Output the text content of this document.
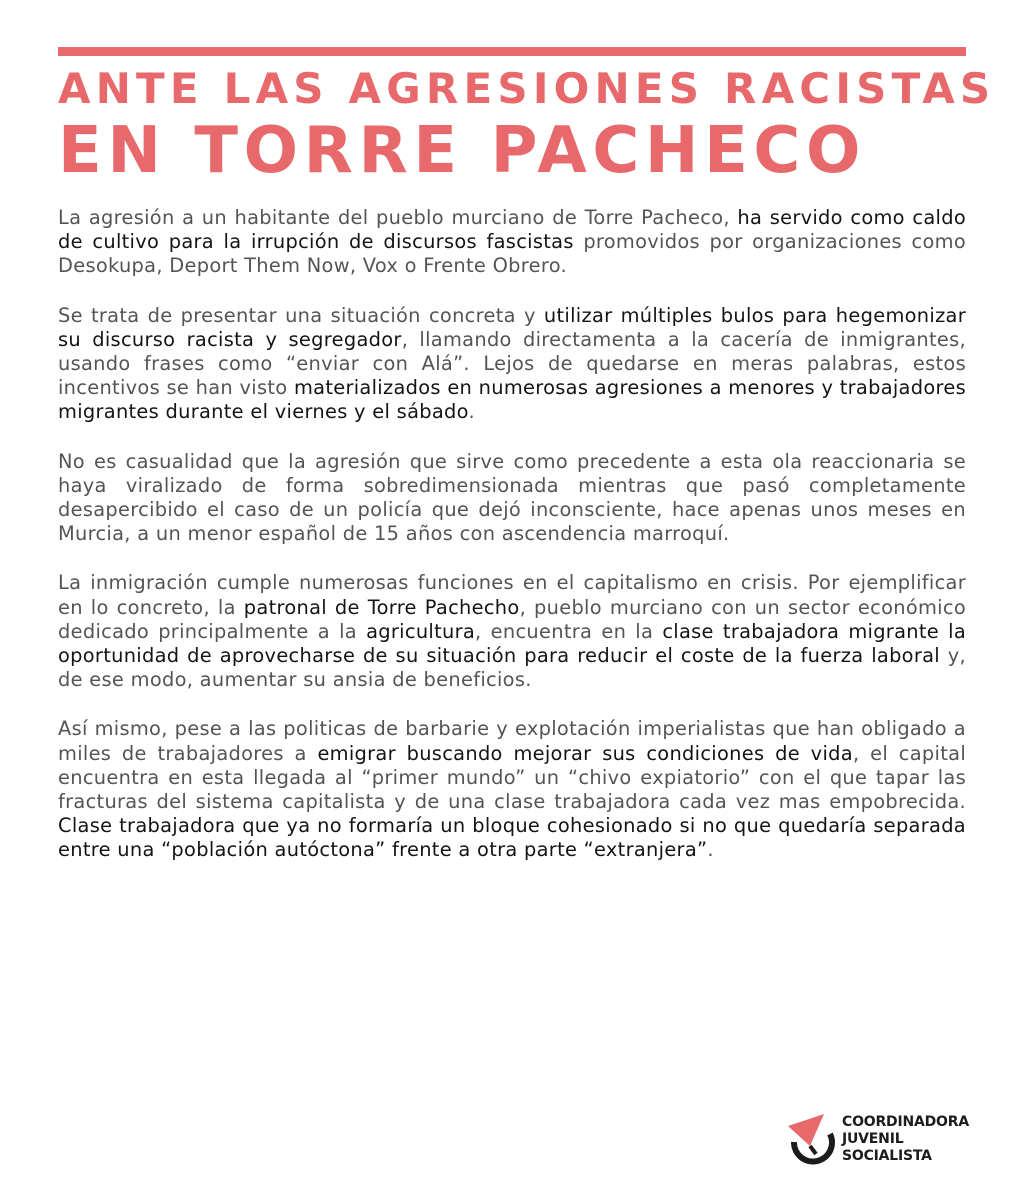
ANTE LAS AGRESIONES RACISTAS
EN TORRE PACHECO

La agresión a un habitante del pueblo murciano de Torre Pacheco, ha servido como caldo de cultivo para la irrupción de discursos fascistas promovidos por organizaciones como Desokupa, Deport Them Now, Vox o Frente Obrero.

Se trata de presentar una situación concreta y utilizar múltiples bulos para hegemonizar su discurso racista y segregador, llamando directamenta a la cacería de inmigrantes, usando frases como “enviar con Alá”. Lejos de quedarse en meras palabras, estos incentivos se han visto materializados en numerosas agresiones a menores y trabajadores migrantes durante el viernes y el sábado.

No es casualidad que la agresión que sirve como precedente a esta ola reaccionaria se haya viralizado de forma sobredimensionada mientras que pasó completamente desapercibido el caso de un policía que dejó inconsciente, hace apenas unos meses en Murcia, a un menor español de 15 años con ascendencia marroquí.

La inmigración cumple numerosas funciones en el capitalismo en crisis. Por ejemplificar en lo concreto, la patronal de Torre Pachecho, pueblo murciano con un sector económico dedicado principalmente a la agricultura, encuentra en la clase trabajadora migrante la oportunidad de aprovecharse de su situación para reducir el coste de la fuerza laboral y, de ese modo, aumentar su ansia de beneficios.

Así mismo, pese a las politicas de barbarie y explotación imperialistas que han obligado a miles de trabajadores a emigrar buscando mejorar sus condiciones de vida, el capital encuentra en esta llegada al “primer mundo” un “chivo expiatorio” con el que tapar las fracturas del sistema capitalista y de una clase trabajadora cada vez mas empobrecida. Clase trabajadora que ya no formaría un bloque cohesionado si no que quedaría separada entre una “población autóctona” frente a otra parte “extranjera”.

COORDINADORA
JUVENIL
SOCIALISTA
